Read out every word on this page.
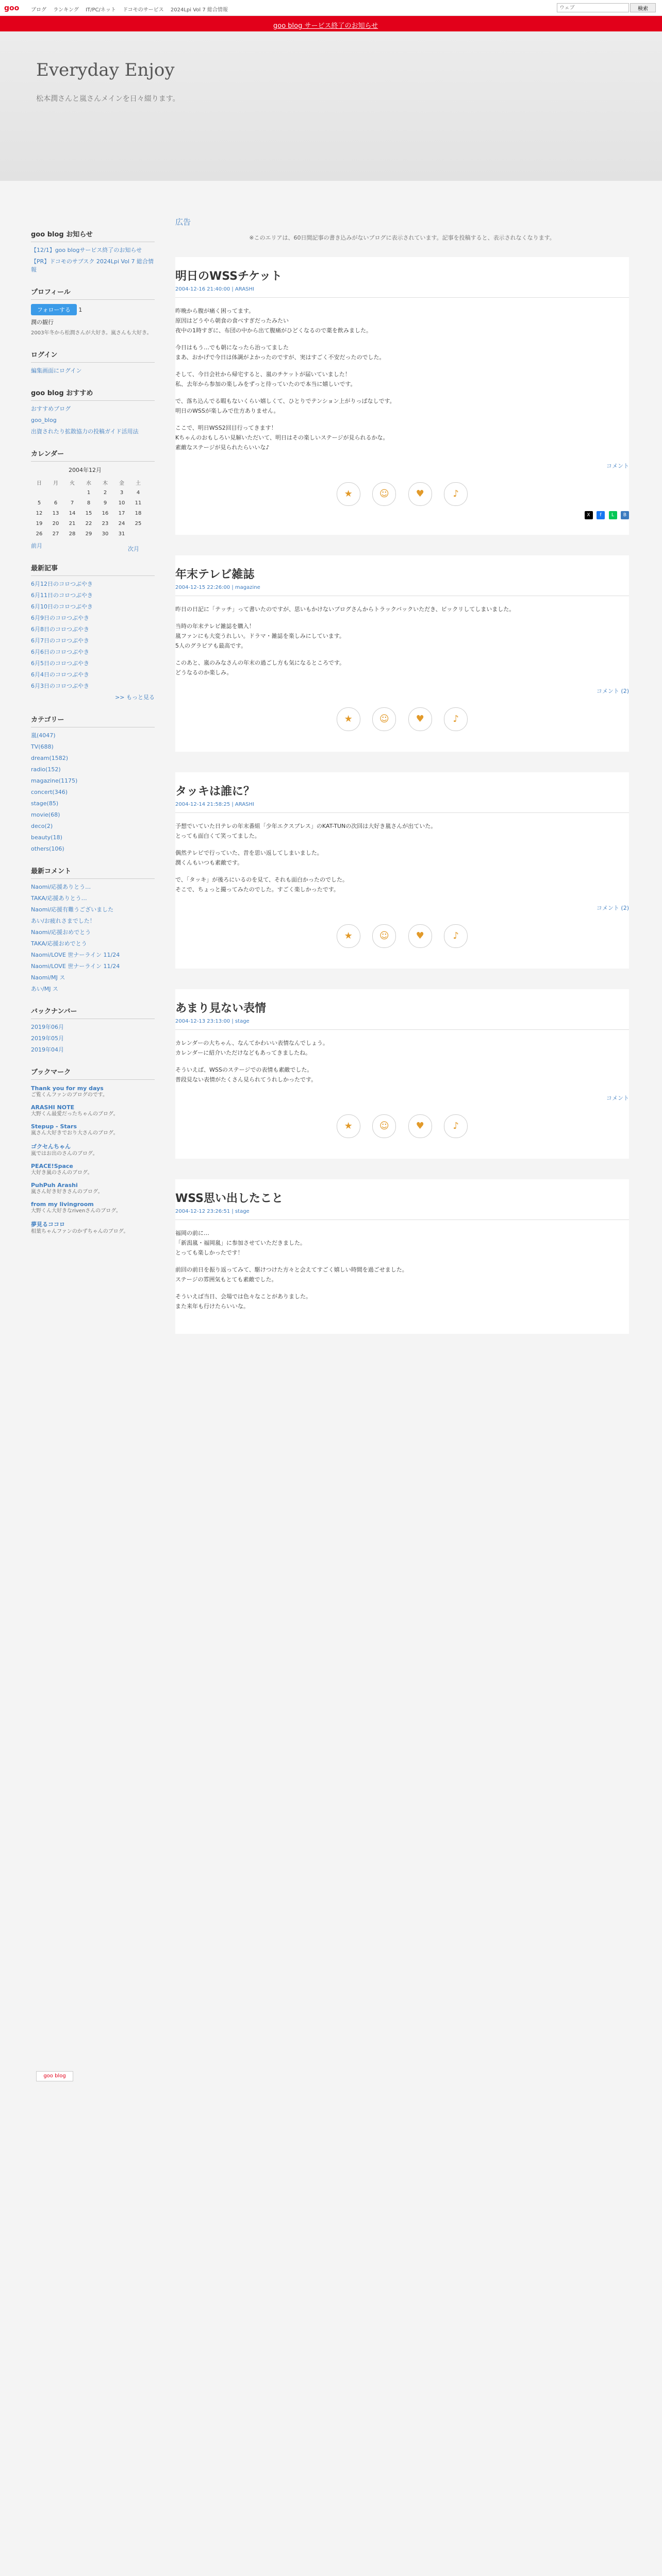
goo ブログ ランキング IT/PC/ネット ドコモのサービス 2024Lpi Vol 7 総合情報
ウェブ	検索
goo blog サービス終了のお知らせ
Everyday Enjoy
松本潤さんと嵐さんメインを日々綴ります。
goo blog お知らせ
【12/1】goo blogサービス終了のお知らせ
【PR】ドコモのサブスク 2024Lpi Vol 7 総合情報
プロフィール
フォローする 1
潤の観行
2003年冬から松潤さんが大好き。嵐さんも大好き。
ログイン
編集画面にログイン
goo blog おすすめ
おすすめブログ
goo_blog
出資されたり拡散協力の投稿ガイド活用法
カレンダー
2004年12月
日	月	火	水	木	金	土
			1	2	3	4
5	6	7	8	9	10	11
12	13	14	15	16	17	18
19	20	21	22	23	24	25
26	27	28	29	30	31	
前月	次月
最新記事
6月12日のコロつぶやき
6月11日のコロつぶやき
6月10日のコロつぶやき
6月9日のコロつぶやき
6月8日のコロつぶやき
6月7日のコロつぶやき
6月6日のコロつぶやき
6月5日のコロつぶやき
6月4日のコロつぶやき
6月3日のコロつぶやき
>> もっと見る
カテゴリー
嵐(4047)
TV(688)
dream(1582)
radio(152)
magazine(1175)
concert(346)
stage(85)
movie(68)
deco(2)
beauty(18)
others(106)
最新コメント
Naomi/応援ありとう…
TAKA/応援ありとう…
Naomi/応援有難うございました
あい/お疲れさまでした！
Naomi/応援おめでとう
TAKA/応援おめでとう
Naomi/LOVE 世ナーライン 11/24
Naomi/LOVE 世ナーライン 11/24
Naomi/MJ ス
あい/MJ ス
バックナンバー
2019年06月
2019年05月
2019年04月
ブックマーク
Thank you for my days
ご覧くんファンのブログのです。
ARASHI NOTE
大野くん最愛だったちゃんのブログ。
Stepup - Stars
嵐さん大好きでおり大さんのブログ。
ゴクセんちゃん
嵐ではお出のさんのブログ。
PEACE!Space
大好き嵐のさんのブログ。
PuhPuh Arashi
嵐さん好き好きさんのブログ。
from my livingroom
大野くん大好きなrivenさんのブログ。
夢見るココロ
相葉ちゃんファンのかずちゃんのブログ。
広告
※このエリアは、60日間記事の書き込みがないブログに表示されています。記事を投稿すると、表示されなくなります。
明日のWSSチケット
2004-12-16 21:40:00 | ARASHI

昨晩から腹が痛く困ってます。
原因はどうやら朝食の食べすぎだったみたい
夜中の1時すぎに、布団の中から出て腹痛がひどくなるので薬を飲みました。

今日はもう…でも朝になったら治ってました
まあ、おかげで今日は体調がよかったのですが、実はすごく不安だったのでした。

そして、今日会社から帰宅すると、嵐のチケットが届いていました！
私、去年から参加の楽しみをずっと待っていたので本当に嬉しいです。

で、落ち込んでる暇もないくらい嬉しくて、ひとりでテンション上がりっぱなしです。
明日のWSSが楽しみで仕方ありません。

ここで、明日WSS2回目行ってきます！
Kちゃんのおもしろい見解いただいて、明日はその楽しいステージが見られるかな。
素敵なステージが見られたらいいな♪

コメント
★	☺	♥	♪
X f L B
年末テレビ雑誌
2004-12-15 22:26:00 | magazine

昨日の日記に「テッチ」って書いたのですが、思いもかけないブログさんからトラックバックいただき、ビックリしてしまいました。

当時の年末テレビ雑誌を購入！
嵐ファンにも大変うれしい。ドラマ・雑誌を楽しみにしています。
5人のグラビアも最高です。

このあと、嵐のみなさんの年末の過ごし方も気になるところです。
どうなるのか楽しみ。

コメント (2)
★	☺	♥	♪
タッキは誰に？
2004-12-14 21:58:25 | ARASHI

予想でいていた日テレの年末番組「少年エクスプレス」のKAT-TUNの次回は大好き嵐さんが出ていた。
とっても面白くて笑ってました。

偶然テレビで行っていた、昔を思い返してしまいました。
潤くんもいつも素敵です。

で、「タッキ」が後ろにいるのを見て、それも面白かったのでした。
そこで、ちょっと撮ってみたのでした。すごく楽しかったです。

コメント (2)
★	☺	♥	♪
あまり見ない表情
2004-12-13 23:13:00 | stage

カレンダーの大ちゃん、なんてかわいい表情なんでしょう。
カレンダーに紹介いただけなどもあってきましたね。

そういえば、WSSのステージでの表情も素敵でした。
普段見ない表情がたくさん見られてうれしかったです。

コメント
★	☺	♥	♪
WSS思い出したこと
2004-12-12 23:26:51 | stage

福岡の前に…
「新潟嵐・福岡嵐」に参加させていただきました。
とっても楽しかったです！

前回の前日を振り返ってみて、駆けつけた方々と会えてすごく嬉しい時間を過ごせました。
ステージの雰囲気もとても素敵でした。

そういえば当日、会場では色々なことがありました。
また来年も行けたらいいな。

goo blog
